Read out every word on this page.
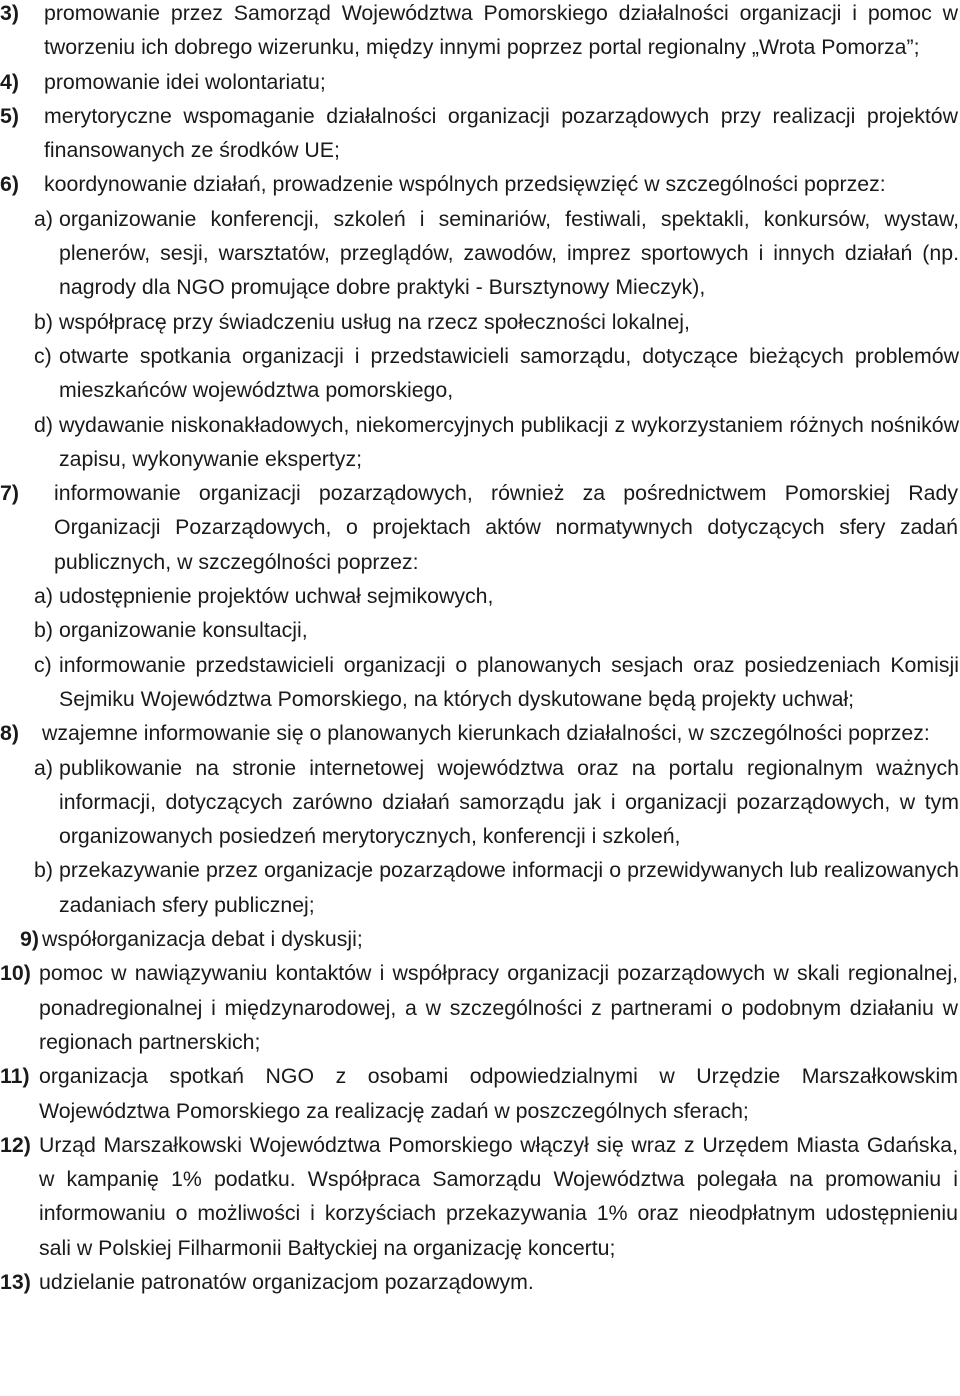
3) promowanie przez Samorząd Województwa Pomorskiego działalności organizacji i pomoc w tworzeniu ich dobrego wizerunku, między innymi poprzez portal regionalny „Wrota Pomorza”;
4) promowanie idei wolontariatu;
5) merytoryczne wspomaganie działalności organizacji pozarządowych przy realizacji projektów finansowanych ze środków UE;
6) koordynowanie działań, prowadzenie wspólnych przedsięwzięć w szczególności poprzez:
a) organizowanie konferencji, szkoleń i seminariów, festiwali, spektakli, konkursów, wystaw, plenerów, sesji, warsztatów, przeglądów, zawodów, imprez sportowych i innych działań (np. nagrody dla NGO promujące dobre praktyki - Bursztynowy Mieczyk),
b) współpracę przy świadczeniu usług na rzecz społeczności lokalnej,
c) otwarte spotkania organizacji i przedstawicieli samorządu, dotyczące bieżących problemów mieszkańców województwa pomorskiego,
d) wydawanie niskonakładowych, niekomercyjnych publikacji z wykorzystaniem różnych nośników zapisu, wykonywanie ekspertyz;
7) informowanie organizacji pozarządowych, również za pośrednictwem Pomorskiej Rady Organizacji Pozarządowych, o projektach aktów normatywnych dotyczących sfery zadań publicznych, w szczególności poprzez:
a) udostępnienie projektów uchwał sejmikowych,
b) organizowanie konsultacji,
c) informowanie przedstawicieli organizacji o planowanych sesjach oraz posiedzeniach Komisji Sejmiku Województwa Pomorskiego, na których dyskutowane będą projekty uchwał;
8) wzajemne informowanie się o planowanych kierunkach działalności, w szczególności poprzez:
a) publikowanie na stronie internetowej województwa oraz na portalu regionalnym ważnych informacji, dotyczących zarówno działań samorządu jak i organizacji pozarządowych, w tym organizowanych posiedzeń merytorycznych, konferencji i szkoleń,
b) przekazywanie przez organizacje pozarządowe informacji o przewidywanych lub realizowanych zadaniach sfery publicznej;
9) współorganizacja debat i dyskusji;
10) pomoc w nawiązywaniu kontaktów i współpracy organizacji pozarządowych w skali regionalnej, ponadregionalnej i międzynarodowej, a w szczególności z partnerami o podobnym działaniu w regionach partnerskich;
11) organizacja spotkań NGO z osobami odpowiedzialnymi w Urzędzie Marszałkowskim Województwa Pomorskiego za realizację zadań w poszczególnych sferach;
12) Urząd Marszałkowski Województwa Pomorskiego włączył się wraz z Urzędem Miasta Gdańska, w kampanię 1% podatku. Współpraca Samorządu Województwa polegała na promowaniu i informowaniu o możliwości i korzyściach przekazywania 1% oraz nieodpłatnym udostępnieniu sali w Polskiej Filharmonii Bałtyckiej na organizację koncertu;
13) udzielanie patronatów organizacjom pozarządowym.
